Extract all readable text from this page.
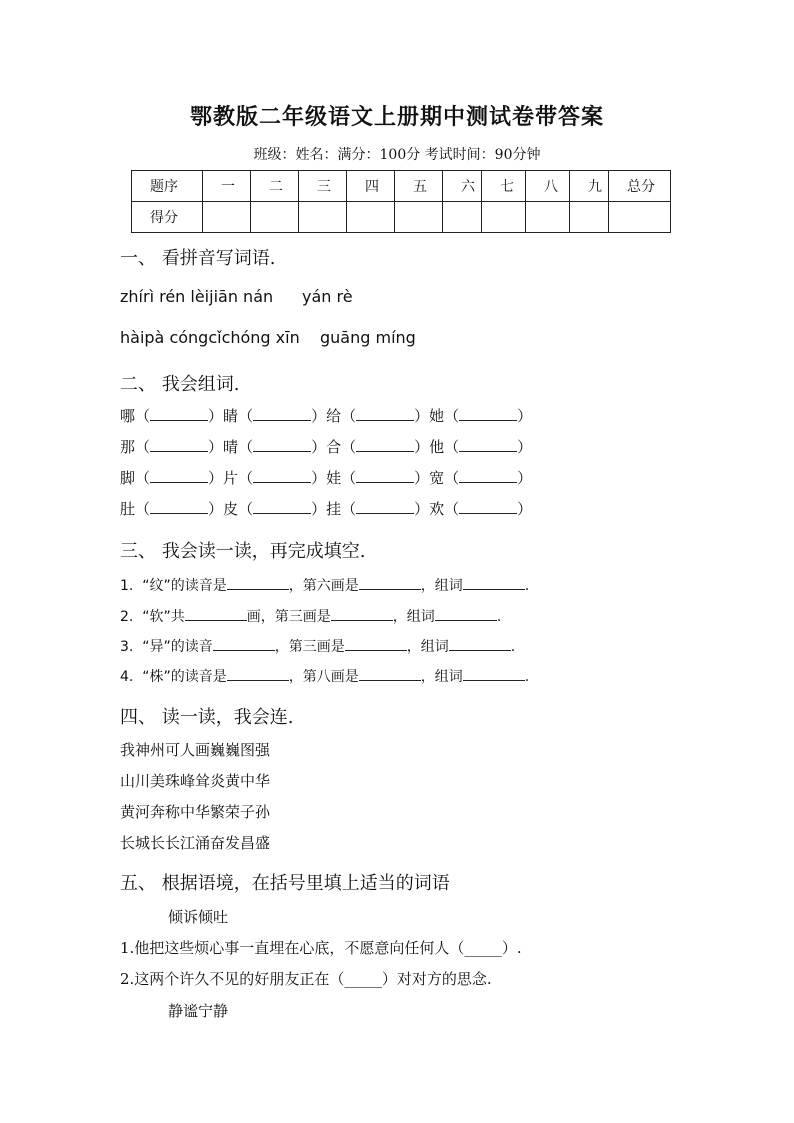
鄂教版二年级语文上册期中测试卷带答案
班级：姓名：满分：100分 考试时间：90分钟
题序	一	二	三	四	五	六	七	八	九	总分
得分										
一、 看拼音写词语.
zhírì rén lèijiān nán yán rè
hàipà cóngcǐchóng xīn guāng míng
二、 我会组词.
哪（	）睛（	）给（	）她（	）
那（	）晴（	）合（	）他（	）
脚（	）片（	）娃（	）宽（	）
肚（	）皮（	）挂（	）欢（	）
三、 我会读一读，再完成填空.
1. “纹”的读音是	，第六画是	，组词	.
2. “软”共	画，第三画是	，组词	.
3. “异”的读音	，第三画是	，组词	.
4. “株”的读音是	，第八画是	，组词	.
四、 读一读，我会连.
我神州可人画巍巍图强
山川美珠峰耸炎黄中华
黄河奔称中华繁荣子孙
长城长长江涌奋发昌盛
五、 根据语境，在括号里填上适当的词语
倾诉倾吐
1.他把这些烦心事一直埋在心底，不愿意向任何人（_____）.
2.这两个许久不见的好朋友正在（_____）对对方的思念.
静谧宁静
